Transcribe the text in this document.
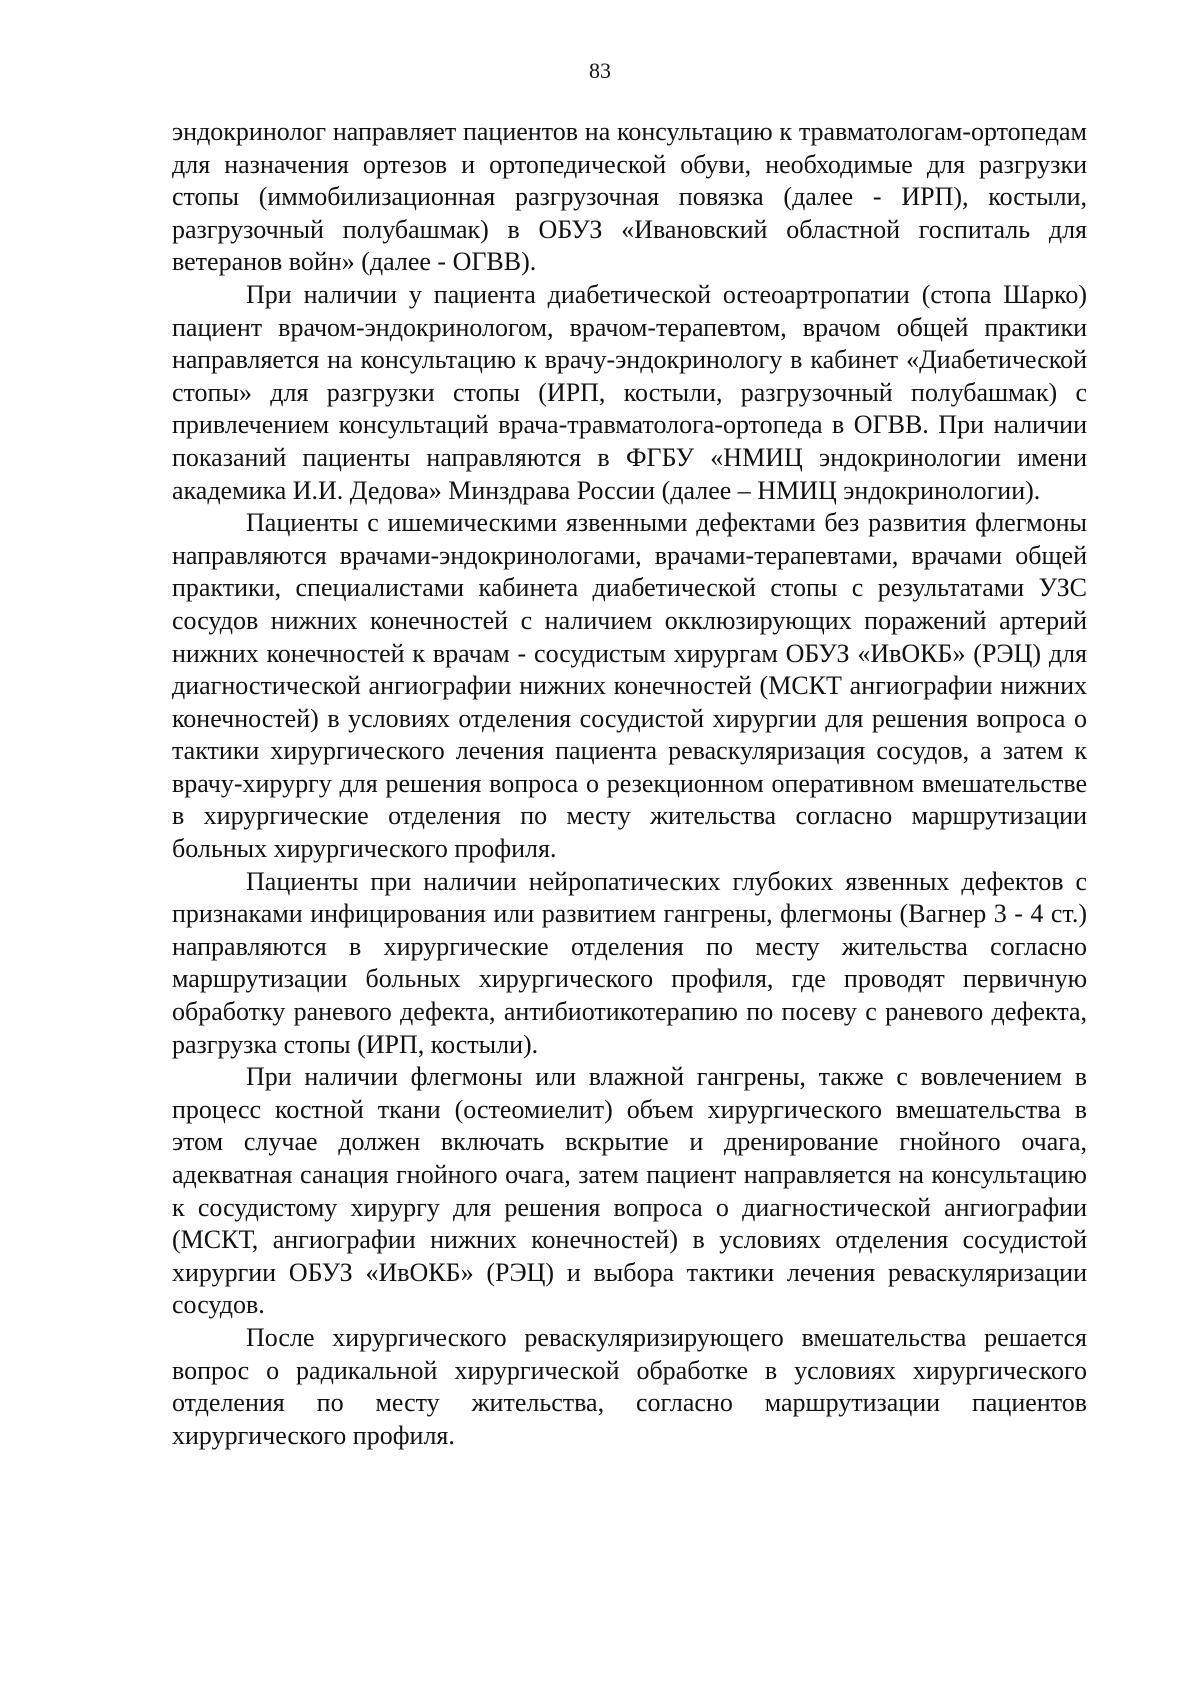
83

эндокринолог направляет пациентов на консультацию к травматологам-ортопедам для назначения ортезов и ортопедической обуви, необходимые для разгрузки стопы (иммобилизационная разгрузочная повязка (далее - ИРП), костыли, разгрузочный полубашмак) в ОБУЗ «Ивановский областной госпиталь для ветеранов войн» (далее - ОГВВ).

При наличии у пациента диабетической остеоартропатии (стопа Шарко) пациент врачом-эндокринологом, врачом-терапевтом, врачом общей практики направляется на консультацию к врачу-эндокринологу в кабинет «Диабетической стопы» для разгрузки стопы (ИРП, костыли, разгрузочный полубашмак) с привлечением консультаций врача-травматолога-ортопеда в ОГВВ. При наличии показаний пациенты направляются в ФГБУ «НМИЦ эндокринологии имени академика И.И. Дедова» Минздрава России (далее – НМИЦ эндокринологии).

Пациенты с ишемическими язвенными дефектами без развития флегмоны направляются врачами-эндокринологами, врачами-терапевтами, врачами общей практики, специалистами кабинета диабетической стопы с результатами УЗС сосудов нижних конечностей с наличием окклюзирующих поражений артерий нижних конечностей к врачам - сосудистым хирургам ОБУЗ «ИвОКБ» (РЭЦ) для диагностической ангиографии нижних конечностей (МСКТ ангиографии нижних конечностей) в условиях отделения сосудистой хирургии для решения вопроса о тактики хирургического лечения пациента реваскуляризация сосудов, а затем к врачу-хирургу для решения вопроса о резекционном оперативном вмешательстве в хирургические отделения по месту жительства согласно маршрутизации больных хирургического профиля.

Пациенты при наличии нейропатических глубоких язвенных дефектов с признаками инфицирования или развитием гангрены, флегмоны (Вагнер 3 - 4 ст.) направляются в хирургические отделения по месту жительства согласно маршрутизации больных хирургического профиля, где проводят первичную обработку раневого дефекта, антибиотикотерапию по посеву с раневого дефекта, разгрузка стопы (ИРП, костыли).

При наличии флегмоны или влажной гангрены, также с вовлечением в процесс костной ткани (остеомиелит) объем хирургического вмешательства в этом случае должен включать вскрытие и дренирование гнойного очага, адекватная санация гнойного очага, затем пациент направляется на консультацию к сосудистому хирургу для решения вопроса о диагностической ангиографии (МСКТ, ангиографии нижних конечностей) в условиях отделения сосудистой хирургии ОБУЗ «ИвОКБ» (РЭЦ) и выбора тактики лечения реваскуляризации сосудов.

После хирургического реваскуляризирующего вмешательства решается вопрос о радикальной хирургической обработке в условиях хирургического отделения по месту жительства, согласно маршрутизации пациентов хирургического профиля.
